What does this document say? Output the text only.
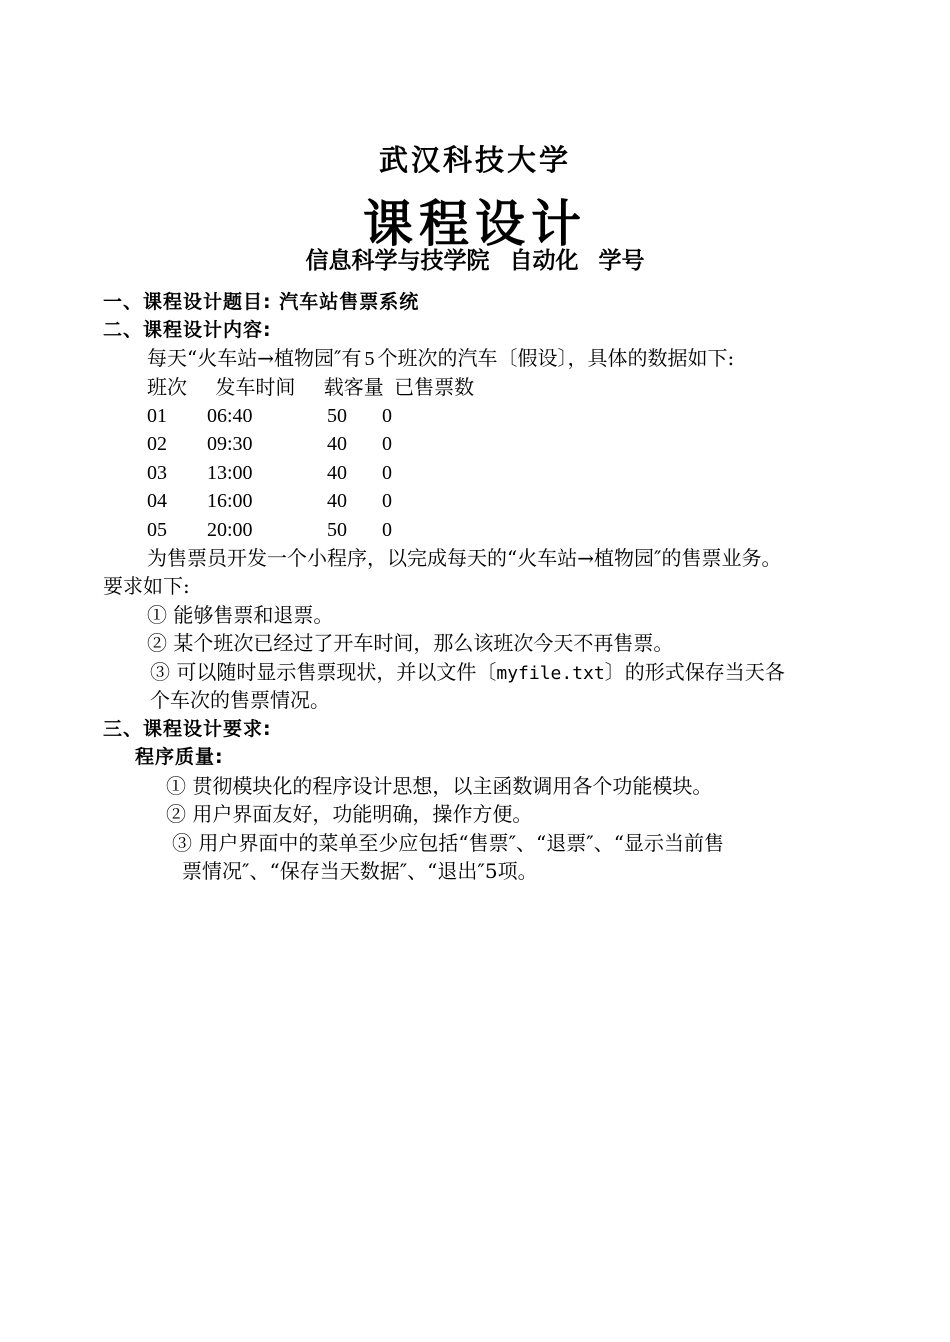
武汉科技大学
课程设计
信息科学与技学院 自动化 学号
一、课程设计题目: 汽车站售票系统
二、课程设计内容:
每天“火车站→植物园″有 5 个班次的汽车〔假设〕，具体的数据如下:
班次 发车时间 载客量 已售票数
01 06:40	50 0
02 09:30	40 0
03 13:00	40 0
04 16:00	40 0
05 20:00	50 0
为售票员开发一个小程序，以完成每天的“火车站→植物园″的售票业务。
要求如下:
① 能够售票和退票。
② 某个班次已经过了开车时间，那么该班次今天不再售票。
③ 可以随时显示售票现状，并以文件〔myfile.txt〕的形式保存当天各
个车次的售票情况。
三、课程设计要求:
程序质量:
① 贯彻模块化的程序设计思想，以主函数调用各个功能模块。
② 用户界面友好，功能明确，操作方便。
③ 用户界面中的菜单至少应包括“售票″、“退票″、“显示当前售
票情况″、“保存当天数据″、“退出″5项。
